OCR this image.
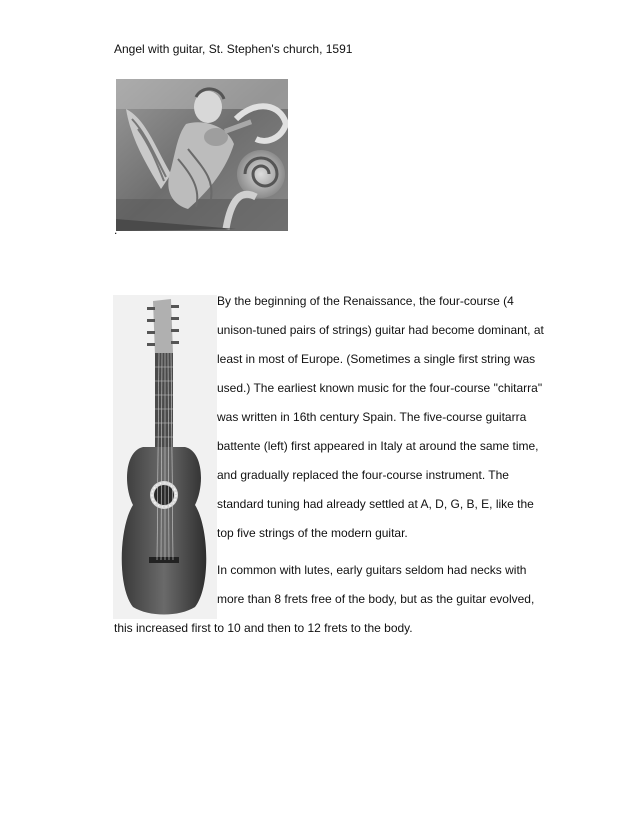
Angel with guitar, St. Stephen's church, 1591
.
By the beginning of the Renaissance, the four-course (4
unison-tuned pairs of strings) guitar had become dominant, at
least in most of Europe. (Sometimes a single first string was
used.) The earliest known music for the four-course "chitarra"
was written in 16th century Spain. The five-course guitarra
battente (left) first appeared in Italy at around the same time,
and gradually replaced the four-course instrument. The
standard tuning had already settled at A, D, G, B, E, like the
top five strings of the modern guitar.
In common with lutes, early guitars seldom had necks with
more than 8 frets free of the body, but as the guitar evolved,
this increased first to 10 and then to 12 frets to the body.
